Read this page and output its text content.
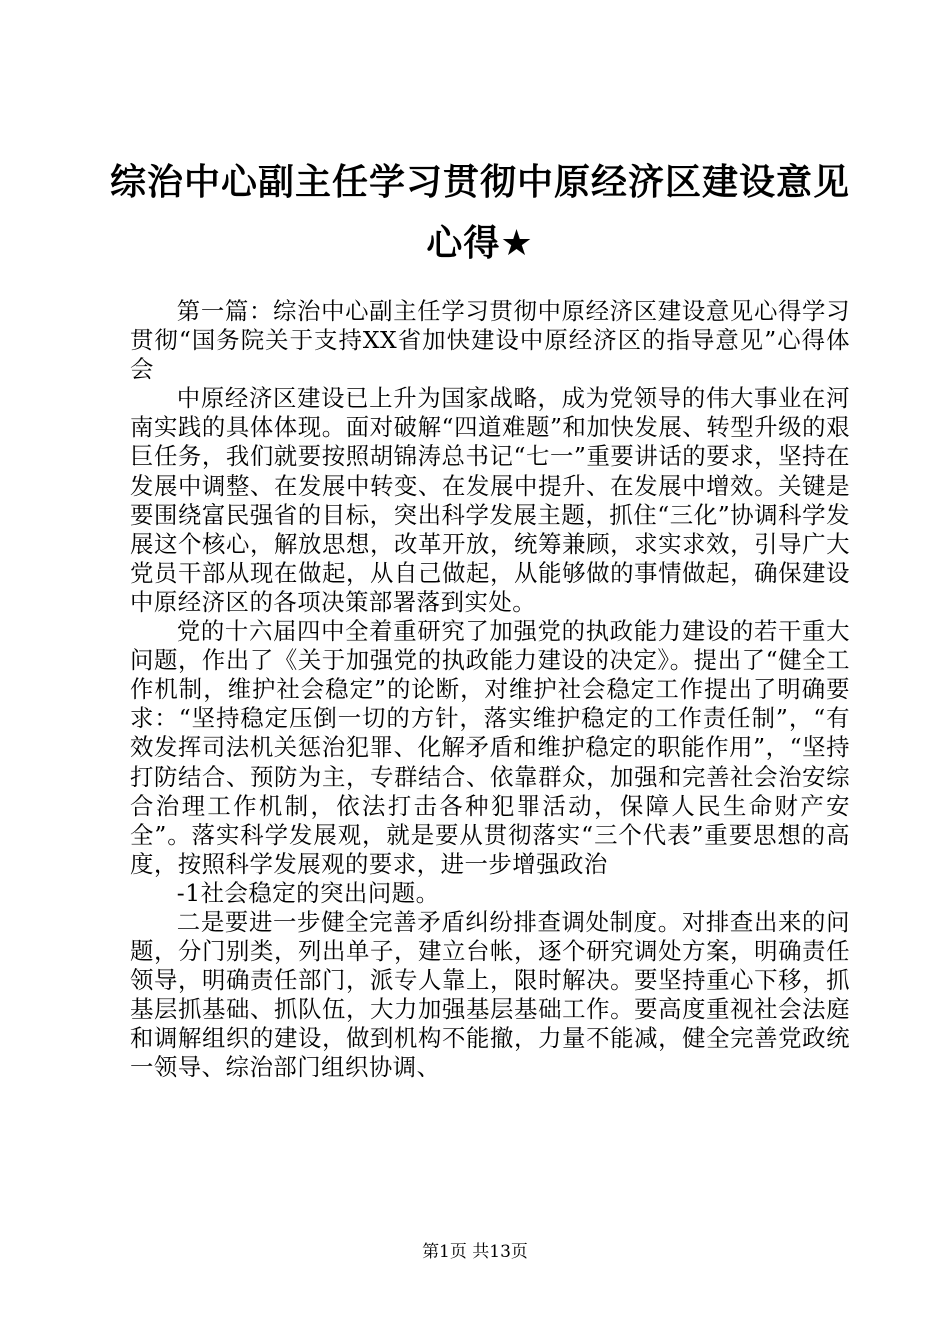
综治中心副主任学习贯彻中原经济区建设意见
心得★

第一篇：综治中心副主任学习贯彻中原经济区建设意见心得学习贯彻“国务院关于支持XX省加快建设中原经济区的指导意见”心得体会

中原经济区建设已上升为国家战略，成为党领导的伟大事业在河南实践的具体体现。面对破解“四道难题”和加快发展、转型升级的艰巨任务，我们就要按照胡锦涛总书记“七一”重要讲话的要求，坚持在发展中调整、在发展中转变、在发展中提升、在发展中增效。关键是要围绕富民强省的目标，突出科学发展主题，抓住“三化”协调科学发展这个核心，解放思想，改革开放，统筹兼顾，求实求效，引导广大党员干部从现在做起，从自己做起，从能够做的事情做起，确保建设中原经济区的各项决策部署落到实处。

党的十六届四中全着重研究了加强党的执政能力建设的若干重大问题，作出了《关于加强党的执政能力建设的决定》。提出了“健全工作机制，维护社会稳定”的论断，对维护社会稳定工作提出了明确要求：“坚持稳定压倒一切的方针，落实维护稳定的工作责任制”，“有效发挥司法机关惩治犯罪、化解矛盾和维护稳定的职能作用”，“坚持打防结合、预防为主，专群结合、依靠群众，加强和完善社会治安综合治理工作机制，依法打击各种犯罪活动，保障人民生命财产安全”。落实科学发展观，就是要从贯彻落实“三个代表”重要思想的高度，按照科学发展观的要求，进一步增强政治

-1社会稳定的突出问题。

二是要进一步健全完善矛盾纠纷排查调处制度。对排查出来的问题，分门别类，列出单子，建立台帐，逐个研究调处方案，明确责任领导，明确责任部门，派专人靠上，限时解决。要坚持重心下移，抓基层抓基础、抓队伍，大力加强基层基础工作。要高度重视社会法庭和调解组织的建设，做到机构不能撤，力量不能减，健全完善党政统一领导、综治部门组织协调、

第1页 共13页
